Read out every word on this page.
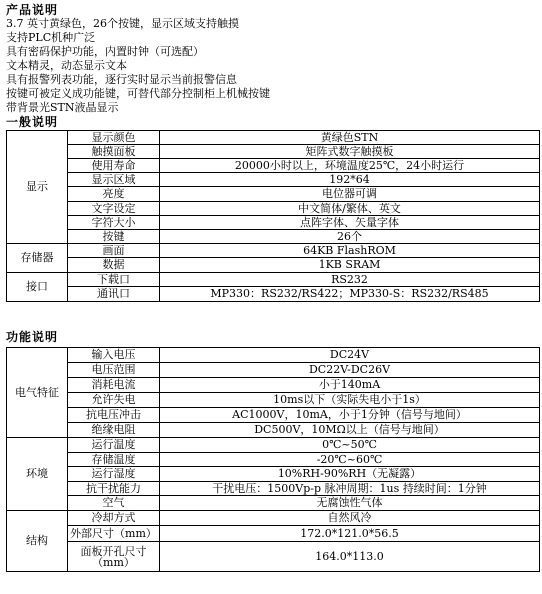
产品说明
3.7 英寸黄绿色，26个按键，显示区域支持触摸
支持PLC机种广泛
具有密码保护功能，内置时钟（可选配）
文本精灵，动态显示文本
具有报警列表功能，逐行实时显示当前报警信息
按键可被定义成功能键，可替代部分控制柜上机械按键
带背景光STN液晶显示
一般说明
显示	显示颜色	黄绿色STN
	触摸面板	矩阵式数字触摸板
	使用寿命	20000小时以上，环境温度25℃，24小时运行
	显示区域	192*64
	亮度	电位器可调
	文字设定	中文简体/繁体、英文
	字符大小	点阵字体、矢量字体
	按键	26个
存储器	画面	64KB FlashROM
	数据	1KB SRAM
接口	下载口	RS232
	通讯口	MP330：RS232/RS422；MP330-S：RS232/RS485
功能说明
电气特征	输入电压	DC24V
	电压范围	DC22V-DC26V
	消耗电流	小于140mA
	允许失电	10ms以下（实际失电小于1s）
	抗电压冲击	AC1000V，10mA，小于1分钟（信号与地间）
	绝缘电阻	DC500V，10MΩ以上（信号与地间）
环境	运行温度	0℃~50℃
	存储温度	-20℃~60℃
	运行湿度	10%RH-90%RH（无凝露）
	抗干扰能力	干扰电压：1500Vp-p 脉冲周期：1us 持续时间：1分钟
	空气	无腐蚀性气体
结构	冷却方式	自然风冷
	外部尺寸（mm）	172.0*121.0*56.5
	面板开孔尺寸（mm）	164.0*113.0
